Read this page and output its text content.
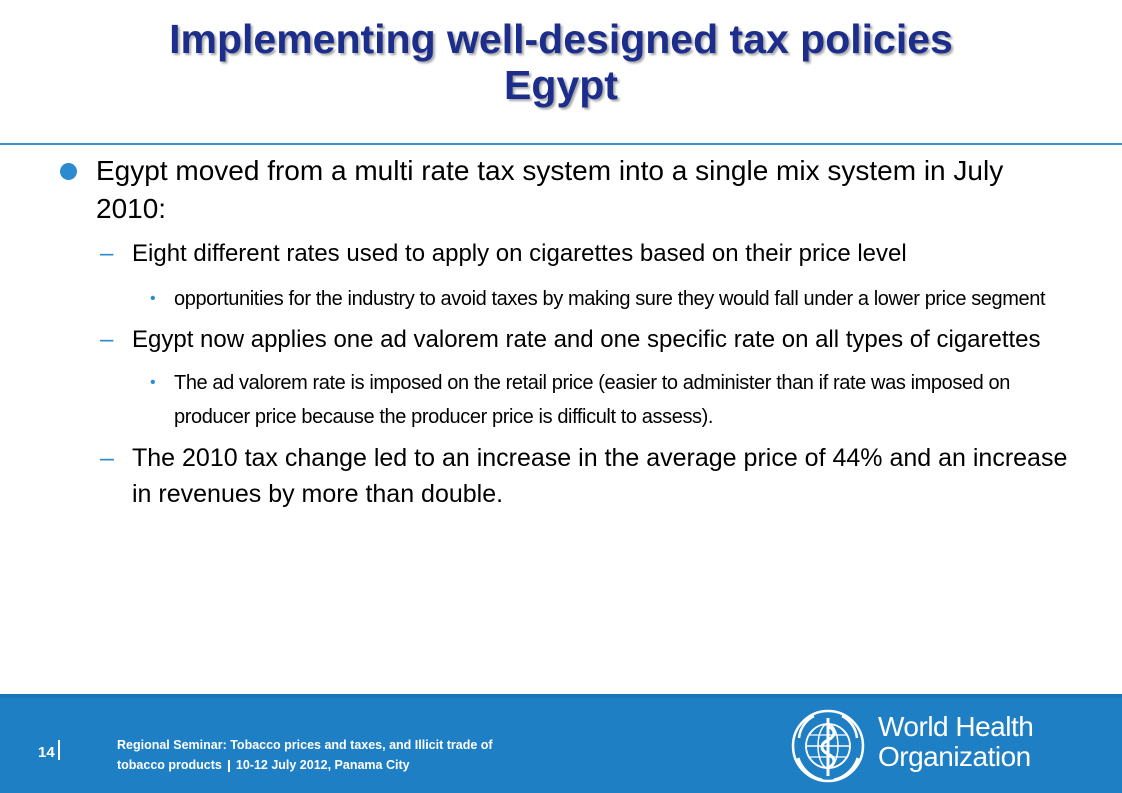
Implementing well-designed tax policies
Egypt

Egypt moved from a multi rate tax system into a single mix system in July 2010:

– Eight different rates used to apply on cigarettes based on their price level

• opportunities for the industry to avoid taxes by making sure they would fall under a lower price segment

– Egypt now applies one ad valorem rate and one specific rate on all types of cigarettes

• The ad valorem rate is imposed on the retail price (easier to administer than if rate was imposed on producer price because the producer price is difficult to assess).

– The 2010 tax change led to an increase in the average price of 44% and an increase in revenues by more than double.

14	Regional Seminar: Tobacco prices and taxes, and Illicit trade of
tobacco products 10-12 July 2012, Panama City
World Health
Organization
